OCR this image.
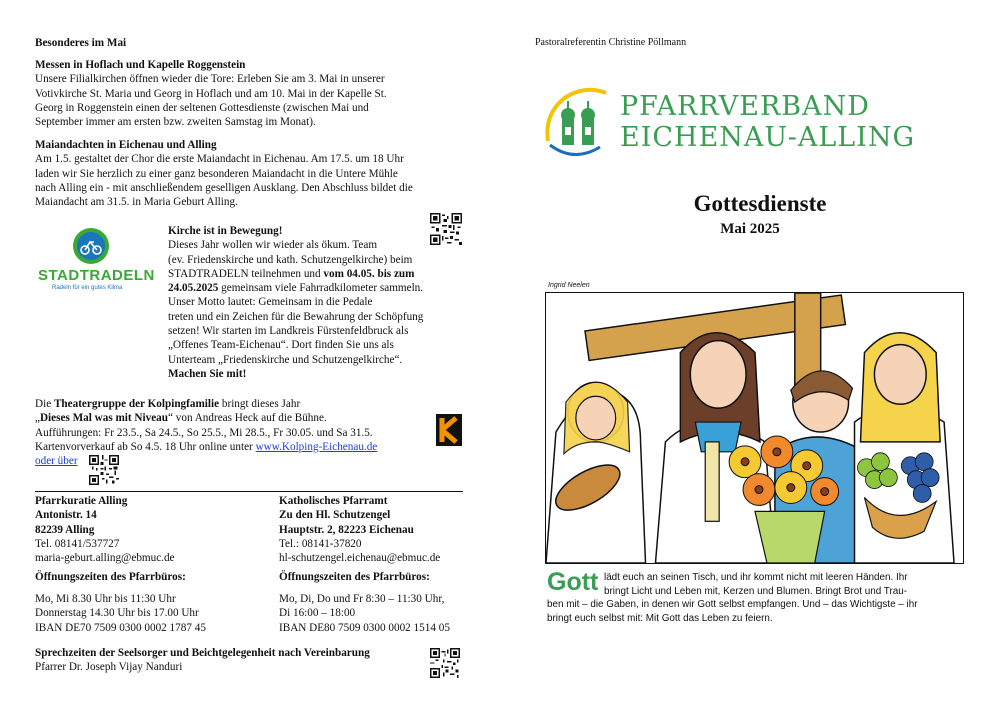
Besonderes im Mai
Messen in Hoflach und Kapelle Roggenstein
Unsere Filialkirchen öffnen wieder die Tore: Erleben Sie am 3. Mai in unserer
Votivkirche St. Maria und Georg in Hoflach und am 10. Mai in der Kapelle St.
Georg in Roggenstein einen der seltenen Gottesdienste (zwischen Mai und
September immer am ersten bzw. zweiten Samstag im Monat).
Maiandachten in Eichenau und Alling
Am 1.5. gestaltet der Chor die erste Maiandacht in Eichenau. Am 17.5. um 18 Uhr
laden wir Sie herzlich zu einer ganz besonderen Maiandacht in die Untere Mühle
nach Alling ein - mit anschließendem geselligen Ausklang. Den Abschluss bildet die
Maiandacht am 31.5. in Maria Geburt Alling.
STADTRADELN
Radeln für ein gutes Klima
Kirche ist in Bewegung!
Dieses Jahr wollen wir wieder als ökum. Team
(ev. Friedenskirche und kath. Schutzengelkirche) beim
STADTRADELN teilnehmen und vom 04.05. bis zum
24.05.2025 gemeinsam viele Fahrradkilometer sammeln.
Unser Motto lautet: Gemeinsam in die Pedale
treten und ein Zeichen für die Bewahrung der Schöpfung
setzen! Wir starten im Landkreis Fürstenfeldbruck als
„Offenes Team-Eichenau“. Dort finden Sie uns als
Unterteam „Friedenskirche und Schutzengelkirche“.
Machen Sie mit!
Die Theatergruppe der Kolpingfamilie bringt dieses Jahr
„Dieses Mal was mit Niveau“ von Andreas Heck auf die Bühne.
Aufführungen: Fr 23.5., Sa 24.5., So 25.5., Mi 28.5., Fr 30.05. und Sa 31.5.
Kartenvorverkauf ab So 4.5. 18 Uhr online unter www.Kolping-Eichenau.de
oder über
Pfarrkuratie Alling
Antonistr. 14
82239 Alling
Tel. 08141/537727
maria-geburt.alling@ebmuc.de
Öffnungszeiten des Pfarrbüros:
Mo, Mi 8.30 Uhr bis 11:30 Uhr
Donnerstag 14.30 Uhr bis 17.00 Uhr
IBAN DE70 7509 0300 0002 1787 45
Katholisches Pfarramt
Zu den Hl. Schutzengel
Hauptstr. 2, 82223 Eichenau
Tel.: 08141-37820
hl-schutzengel.eichenau@ebmuc.de
Öffnungszeiten des Pfarrbüros:
Mo, Di, Do und Fr 8:30 – 11:30 Uhr,
Di 16:00 – 18:00
IBAN DE80 7509 0300 0002 1514 05
Sprechzeiten der Seelsorger und Beichtgelegenheit nach Vereinbarung
Pfarrer Dr. Joseph Vijay Nanduri
Pastoralreferentin Christine Pöllmann
PFARRVERBAND
EICHENAU-ALLING
Gottesdienste
Mai 2025
Ingrid Neelen
Gott lädt euch an seinen Tisch, und ihr kommt nicht mit leeren Händen. Ihr
bringt Licht und Leben mit, Kerzen und Blumen. Bringt Brot und Trau-
ben mit – die Gaben, in denen wir Gott selbst empfangen. Und – das Wichtigste – ihr
bringt euch selbst mit: Mit Gott das Leben zu feiern.
